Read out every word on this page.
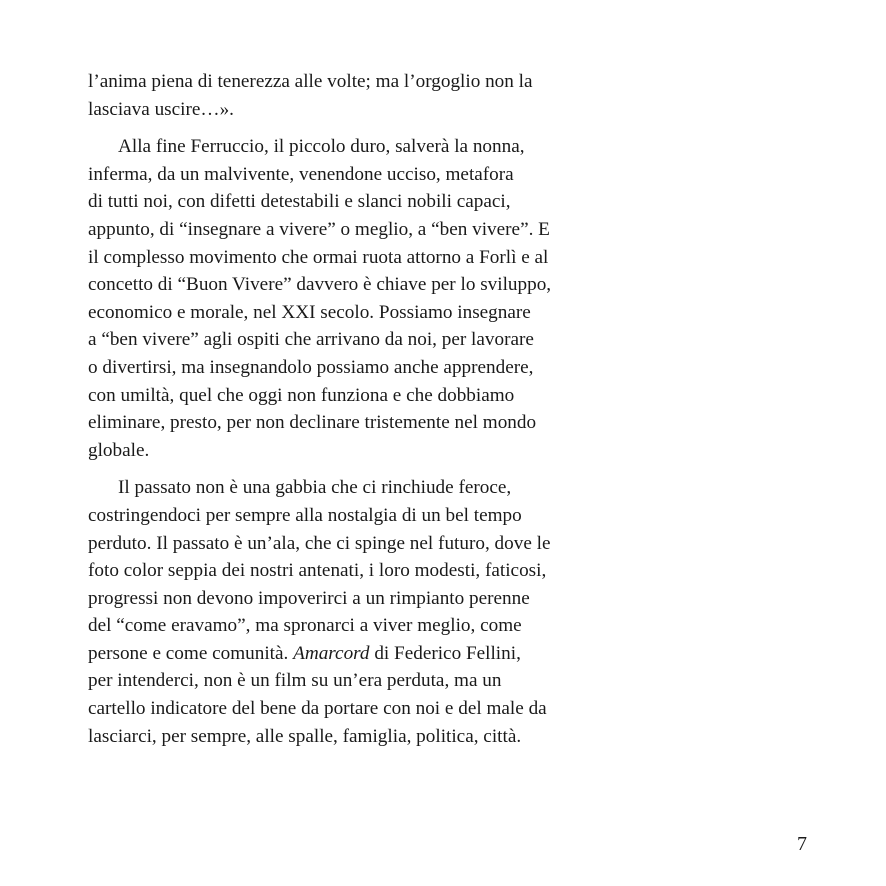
l’anima piena di tenerezza alle volte; ma l’orgoglio non la
lasciava uscire…».

Alla fine Ferruccio, il piccolo duro, salverà la nonna,
inferma, da un malvivente, venendone ucciso, metafora
di tutti noi, con difetti detestabili e slanci nobili capaci,
appunto, di “insegnare a vivere” o meglio, a “ben vivere”. E
il complesso movimento che ormai ruota attorno a Forlì e al
concetto di “Buon Vivere” davvero è chiave per lo sviluppo,
economico e morale, nel XXI secolo. Possiamo insegnare
a “ben vivere” agli ospiti che arrivano da noi, per lavorare
o divertirsi, ma insegnandolo possiamo anche apprendere,
con umiltà, quel che oggi non funziona e che dobbiamo
eliminare, presto, per non declinare tristemente nel mondo
globale.

Il passato non è una gabbia che ci rinchiude feroce,
costringendoci per sempre alla nostalgia di un bel tempo
perduto. Il passato è un’ala, che ci spinge nel futuro, dove le
foto color seppia dei nostri antenati, i loro modesti, faticosi,
progressi non devono impoverirci a un rimpianto perenne
del “come eravamo”, ma spronarci a viver meglio, come
persone e come comunità. Amarcord di Federico Fellini,
per intenderci, non è un film su un’era perduta, ma un
cartello indicatore del bene da portare con noi e del male da
lasciarci, per sempre, alle spalle, famiglia, politica, città.

7
